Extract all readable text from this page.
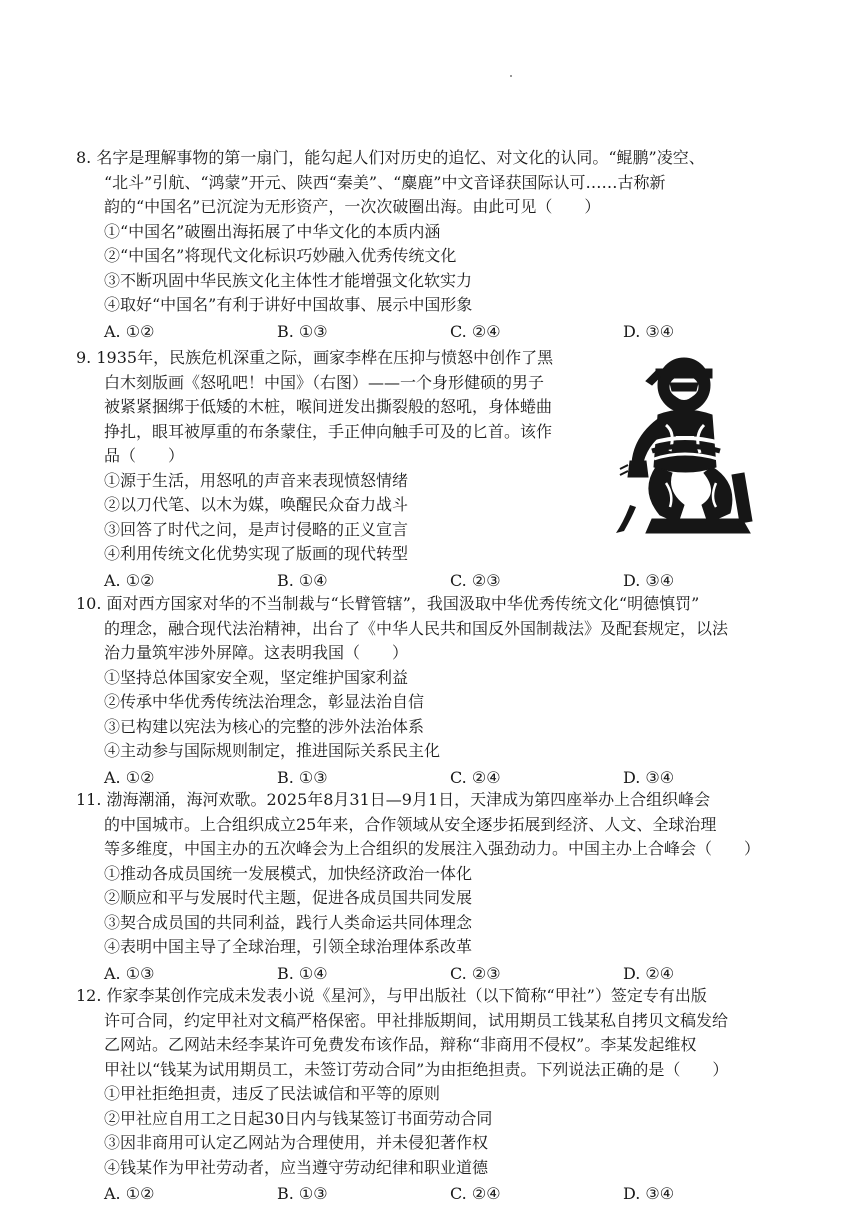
8. 名字是理解事物的第一扇门，能勾起人们对历史的追忆、对文化的认同。“鲲鹏”凌空、

“北斗”引航、“鸿蒙”开元、陕西“秦美”、“麋鹿”中文音译获国际认可……古称新

韵的“中国名”已沉淀为无形资产，一次次破圈出海。由此可见（　　）

①“中国名”破圈出海拓展了中华文化的本质内涵

②“中国名”将现代文化标识巧妙融入优秀传统文化

③不断巩固中华民族文化主体性才能增强文化软实力

④取好“中国名”有利于讲好中国故事、展示中国形象

A. ①②	B. ①③	C. ②④	D. ③④

9. 1935年，民族危机深重之际，画家李桦在压抑与愤怒中创作了黑

白木刻版画《怒吼吧！中国》（右图）——一个身形健硕的男子

被紧紧捆绑于低矮的木桩，喉间迸发出撕裂般的怒吼，身体蜷曲

挣扎，眼耳被厚重的布条蒙住，手正伸向触手可及的匕首。该作

品（　　）

①源于生活，用怒吼的声音来表现愤怒情绪

②以刀代笔、以木为媒，唤醒民众奋力战斗

③回答了时代之问，是声讨侵略的正义宣言

④利用传统文化优势实现了版画的现代转型

A. ①②	B. ①④	C. ②③	D. ③④

10. 面对西方国家对华的不当制裁与“长臂管辖”，我国汲取中华优秀传统文化“明德慎罚”

的理念，融合现代法治精神，出台了《中华人民共和国反外国制裁法》及配套规定，以法

治力量筑牢涉外屏障。这表明我国（　　）

①坚持总体国家安全观，坚定维护国家利益

②传承中华优秀传统法治理念，彰显法治自信

③已构建以宪法为核心的完整的涉外法治体系

④主动参与国际规则制定，推进国际关系民主化

A. ①②	B. ①③	C. ②④	D. ③④

11. 渤海潮涌，海河欢歌。2025年8月31日—9月1日，天津成为第四座举办上合组织峰会

的中国城市。上合组织成立25年来，合作领域从安全逐步拓展到经济、人文、全球治理

等多维度，中国主办的五次峰会为上合组织的发展注入强劲动力。中国主办上合峰会（　　）

①推动各成员国统一发展模式，加快经济政治一体化

②顺应和平与发展时代主题，促进各成员国共同发展

③契合成员国的共同利益，践行人类命运共同体理念

④表明中国主导了全球治理，引领全球治理体系改革

A. ①③	B. ①④	C. ②③	D. ②④

12. 作家李某创作完成未发表小说《星河》，与甲出版社（以下简称“甲社”）签定专有出版

许可合同，约定甲社对文稿严格保密。甲社排版期间，试用期员工钱某私自拷贝文稿发给

乙网站。乙网站未经李某许可免费发布该作品，辩称“非商用不侵权”。李某发起维权

甲社以“钱某为试用期员工，未签订劳动合同”为由拒绝担责。下列说法正确的是（　　）

①甲社拒绝担责，违反了民法诚信和平等的原则

②甲社应自用工之日起30日内与钱某签订书面劳动合同

③因非商用可认定乙网站为合理使用，并未侵犯著作权

④钱某作为甲社劳动者，应当遵守劳动纪律和职业道德

A. ①②	B. ①③	C. ②④	D. ③④
